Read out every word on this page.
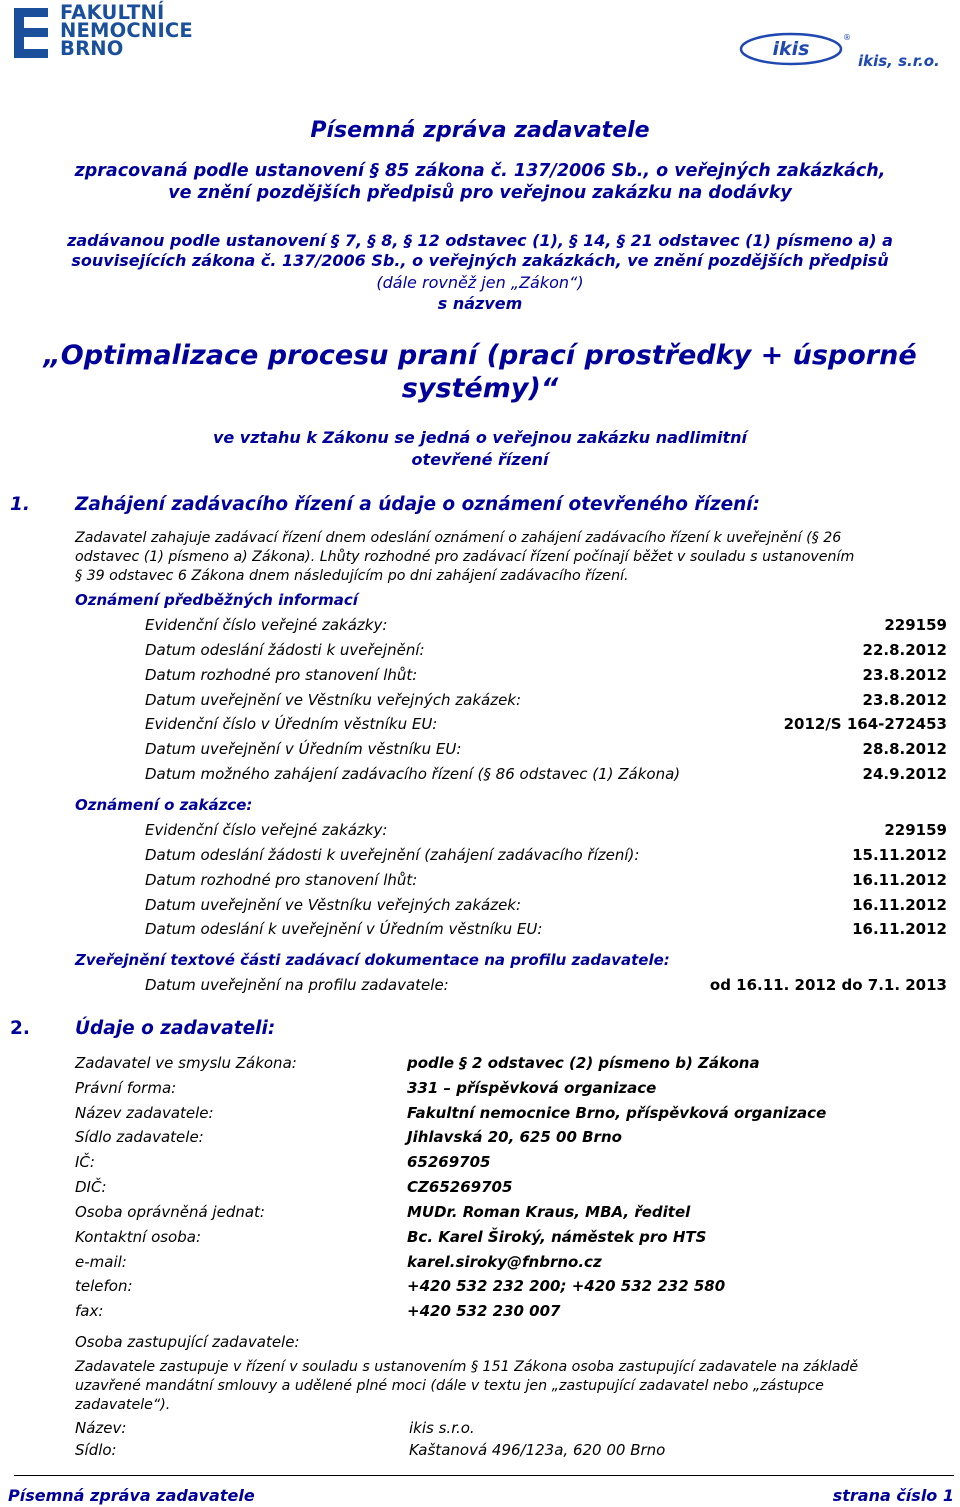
FAKULTNÍ
NEMOCNICE
BRNO	ikis
®
ikis, s.r.o.
Písemná zpráva zadavatele
zpracovaná podle ustanovení § 85 zákona č. 137/2006 Sb., o veřejných zakázkách,
ve znění pozdějších předpisů pro veřejnou zakázku na dodávky
zadávanou podle ustanovení § 7, § 8, § 12 odstavec (1), § 14, § 21 odstavec (1) písmeno a) a
souvisejících zákona č. 137/2006 Sb., o veřejných zakázkách, ve znění pozdějších předpisů
(dále rovněž jen „Zákon“)
s názvem
„Optimalizace procesu praní (prací prostředky + úsporné
systémy)“
ve vztahu k Zákonu se jedná o veřejnou zakázku nadlimitní
otevřené řízení
1. Zahájení zadávacího řízení a údaje o oznámení otevřeného řízení:
Zadavatel zahajuje zadávací řízení dnem odeslání oznámení o zahájení zadávacího řízení k uveřejnění (§ 26
odstavec (1) písmeno a) Zákona). Lhůty rozhodné pro zadávací řízení počínají běžet v souladu s ustanovením
§ 39 odstavec 6 Zákona dnem následujícím po dni zahájení zadávacího řízení.
Oznámení předběžných informací
Evidenční číslo veřejné zakázky:	229159
Datum odeslání žádosti k uveřejnění:	22.8.2012
Datum rozhodné pro stanovení lhůt:	23.8.2012
Datum uveřejnění ve Věstníku veřejných zakázek:	23.8.2012
Evidenční číslo v Úředním věstníku EU:	2012/S 164-272453
Datum uveřejnění v Úředním věstníku EU:	28.8.2012
Datum možného zahájení zadávacího řízení (§ 86 odstavec (1) Zákona)	24.9.2012
Oznámení o zakázce:
Evidenční číslo veřejné zakázky:	229159
Datum odeslání žádosti k uveřejnění (zahájení zadávacího řízení):	15.11.2012
Datum rozhodné pro stanovení lhůt:	16.11.2012
Datum uveřejnění ve Věstníku veřejných zakázek:	16.11.2012
Datum odeslání k uveřejnění v Úředním věstníku EU:	16.11.2012
Zveřejnění textové části zadávací dokumentace na profilu zadavatele:
Datum uveřejnění na profilu zadavatele:	od 16.11. 2012 do 7.1. 2013
2. Údaje o zadavateli:
Zadavatel ve smyslu Zákona:	podle § 2 odstavec (2) písmeno b) Zákona
Právní forma:	331 – příspěvková organizace
Název zadavatele:	Fakultní nemocnice Brno, příspěvková organizace
Sídlo zadavatele:	Jihlavská 20, 625 00 Brno
IČ:	65269705
DIČ:	CZ65269705
Osoba oprávněná jednat:	MUDr. Roman Kraus, MBA, ředitel
Kontaktní osoba:	Bc. Karel Široký, náměstek pro HTS
e-mail:	karel.siroky@fnbrno.cz
telefon:	+420 532 232 200; +420 532 232 580
fax:	+420 532 230 007
Osoba zastupující zadavatele:
Zadavatele zastupuje v řízení v souladu s ustanovením § 151 Zákona osoba zastupující zadavatele na základě
uzavřené mandátní smlouvy a udělené plné moci (dále v textu jen „zastupující zadavatel nebo „zástupce
zadavatele“).
Název:	ikis s.r.o.
Sídlo:	Kaštanová 496/123a, 620 00 Brno
Písemná zpráva zadavatele	strana číslo 1
